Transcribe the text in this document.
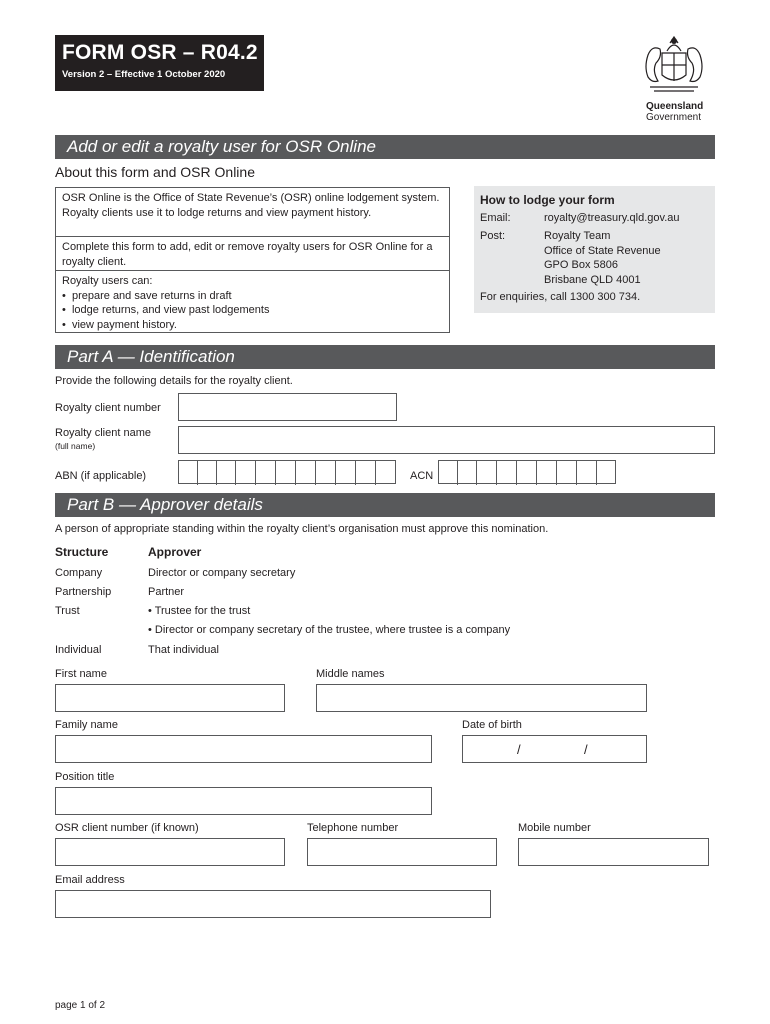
FORM OSR – R04.2
Version 2 – Effective 1 October 2020
Queensland
Government
Add or edit a royalty user for OSR Online
About this form and OSR Online
OSR Online is the Office of State Revenue’s (OSR) online lodgement system. Royalty clients use it to lodge returns and view payment history.
Complete this form to add, edit or remove royalty users for OSR Online for a royalty client.
Royalty users can:
•  prepare and save returns in draft
•  lodge returns, and view past lodgements
•  view payment history.
How to lodge your form
Email:	royalty@treasury.qld.gov.au
Post:	Royalty Team
Office of State Revenue
GPO Box 5806
Brisbane QLD 4001
For enquiries, call 1300 300 734.
Part A — Identification
Provide the following details for the royalty client.
Royalty client number
Royalty client name
(full name)
ABN (if applicable)	ACN
Part B — Approver details
A person of appropriate standing within the royalty client’s organisation must approve this nomination.
Structure	Approver
Company	Director or company secretary
Partnership	Partner
Trust	• Trustee for the trust
• Director or company secretary of the trustee, where trustee is a company
Individual	That individual
First name	Middle names
Family name	Date of birth
/	/
Position title
OSR client number (if known)	Telephone number	Mobile number
Email address
page 1 of 2
